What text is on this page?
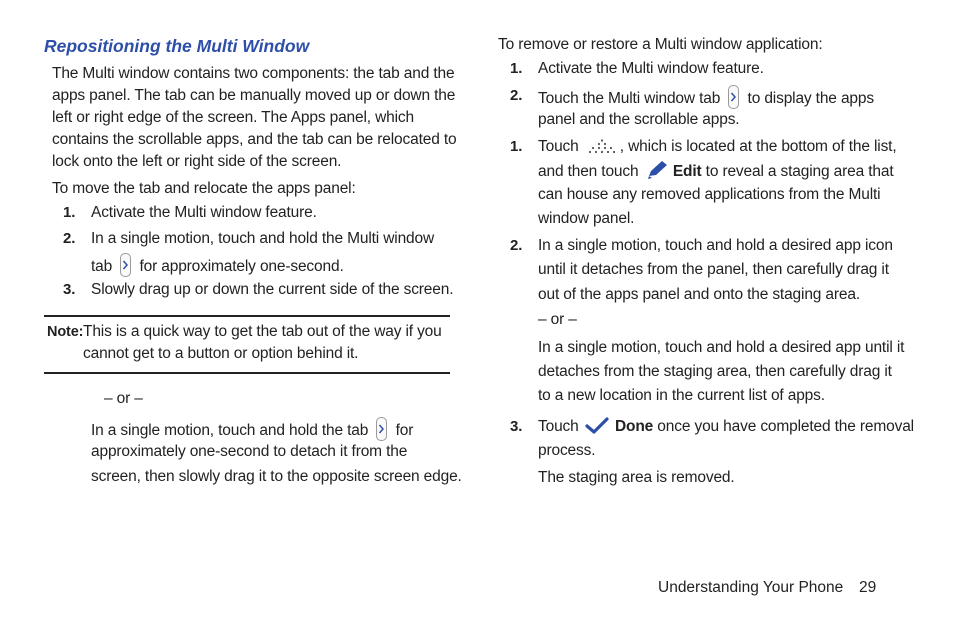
Repositioning the Multi Window
The Multi window contains two components: the tab and the
apps panel. The tab can be manually moved up or down the
left or right edge of the screen. The Apps panel, which
contains the scrollable apps, and the tab can be relocated to
lock onto the left or right side of the screen.
To move the tab and relocate the apps panel:
1. Activate the Multi window feature.
2. In a single motion, touch and hold the Multi window
tab for approximately one-second.
3. Slowly drag up or down the current side of the screen.
Note: This is a quick way to get the tab out of the way if you
cannot get to a button or option behind it.
– or –
In a single motion, touch and hold the tab for
approximately one-second to detach it from the
screen, then slowly drag it to the opposite screen edge.
To remove or restore a Multi window application:
1. Activate the Multi window feature.
2. Touch the Multi window tab to display the apps
panel and the scrollable apps.
1. Touch	, which is located at the bottom of the list,
and then touch Edit to reveal a staging area that
can house any removed applications from the Multi
window panel.
2. In a single motion, touch and hold a desired app icon
until it detaches from the panel, then carefully drag it
out of the apps panel and onto the staging area.
– or –
In a single motion, touch and hold a desired app until it
detaches from the staging area, then carefully drag it
to a new location in the current list of apps.
3. Touch Done once you have completed the removal
process.
The staging area is removed.
Understanding Your Phone 29
